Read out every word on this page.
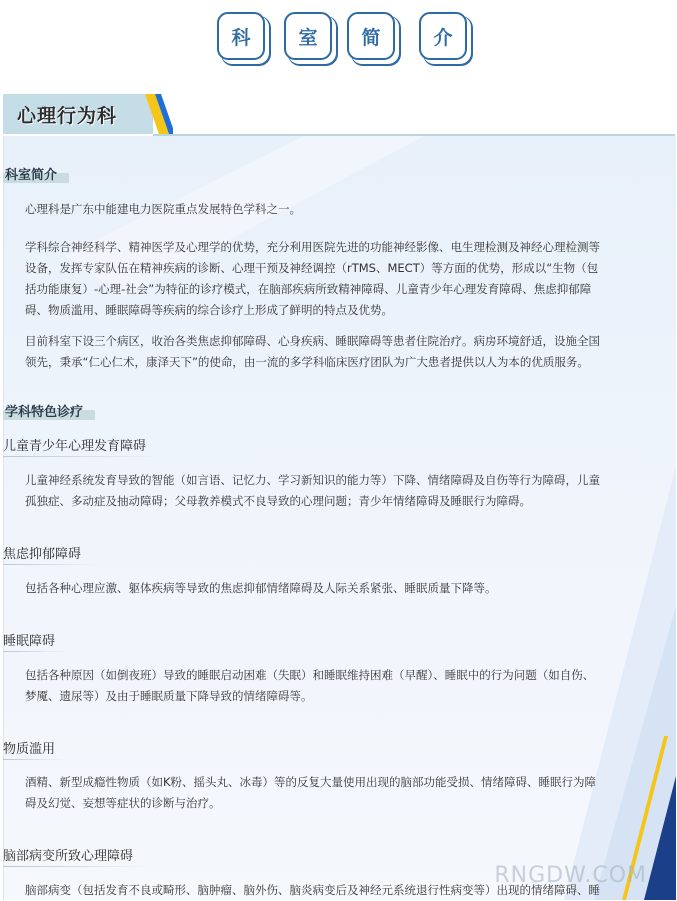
科	室	简	介
心理行为科
科室简介

心理科是广东中能建电力医院重点发展特色学科之一。

学科综合神经科学、精神医学及心理学的优势，充分利用医院先进的功能神经影像、电生理检测及神经心理检测等
设备，发挥专家队伍在精神疾病的诊断、心理干预及神经调控（rTMS、MECT）等方面的优势，形成以“生物（包
括功能康复）-心理-社会”为特征的诊疗模式，在脑部疾病所致精神障碍、儿童青少年心理发育障碍、焦虑抑郁障
碍、物质滥用、睡眠障碍等疾病的综合诊疗上形成了鲜明的特点及优势。

目前科室下设三个病区，收治各类焦虑抑郁障碍、心身疾病、睡眠障碍等患者住院治疗。病房环境舒适，设施全国
领先，秉承“仁心仁术，康泽天下”的使命，由一流的多学科临床医疗团队为广大患者提供以人为本的优质服务。

学科特色诊疗
儿童青少年心理发育障碍

儿童神经系统发育导致的智能（如言语、记忆力、学习新知识的能力等）下降、情绪障碍及自伤等行为障碍，儿童
孤独症、多动症及抽动障碍；父母教养模式不良导致的心理问题；青少年情绪障碍及睡眠行为障碍。

焦虑抑郁障碍

包括各种心理应激、躯体疾病等导致的焦虑抑郁情绪障碍及人际关系紧张、睡眠质量下降等。

睡眠障碍

包括各种原因（如倒夜班）导致的睡眠启动困难（失眠）和睡眠维持困难（早醒）、睡眠中的行为问题（如自伤、
梦魇、遗尿等）及由于睡眠质量下降导致的情绪障碍等。

物质滥用

酒精、新型成瘾性物质（如K粉、摇头丸、冰毒）等的反复大量使用出现的脑部功能受损、情绪障碍、睡眠行为障
碍及幻觉、妄想等症状的诊断与治疗。

脑部病变所致心理障碍

脑部病变（包括发育不良或畸形、脑肿瘤、脑外伤、脑炎病变后及神经元系统退行性病变等）出现的情绪障碍、睡

RNGDW.COM
